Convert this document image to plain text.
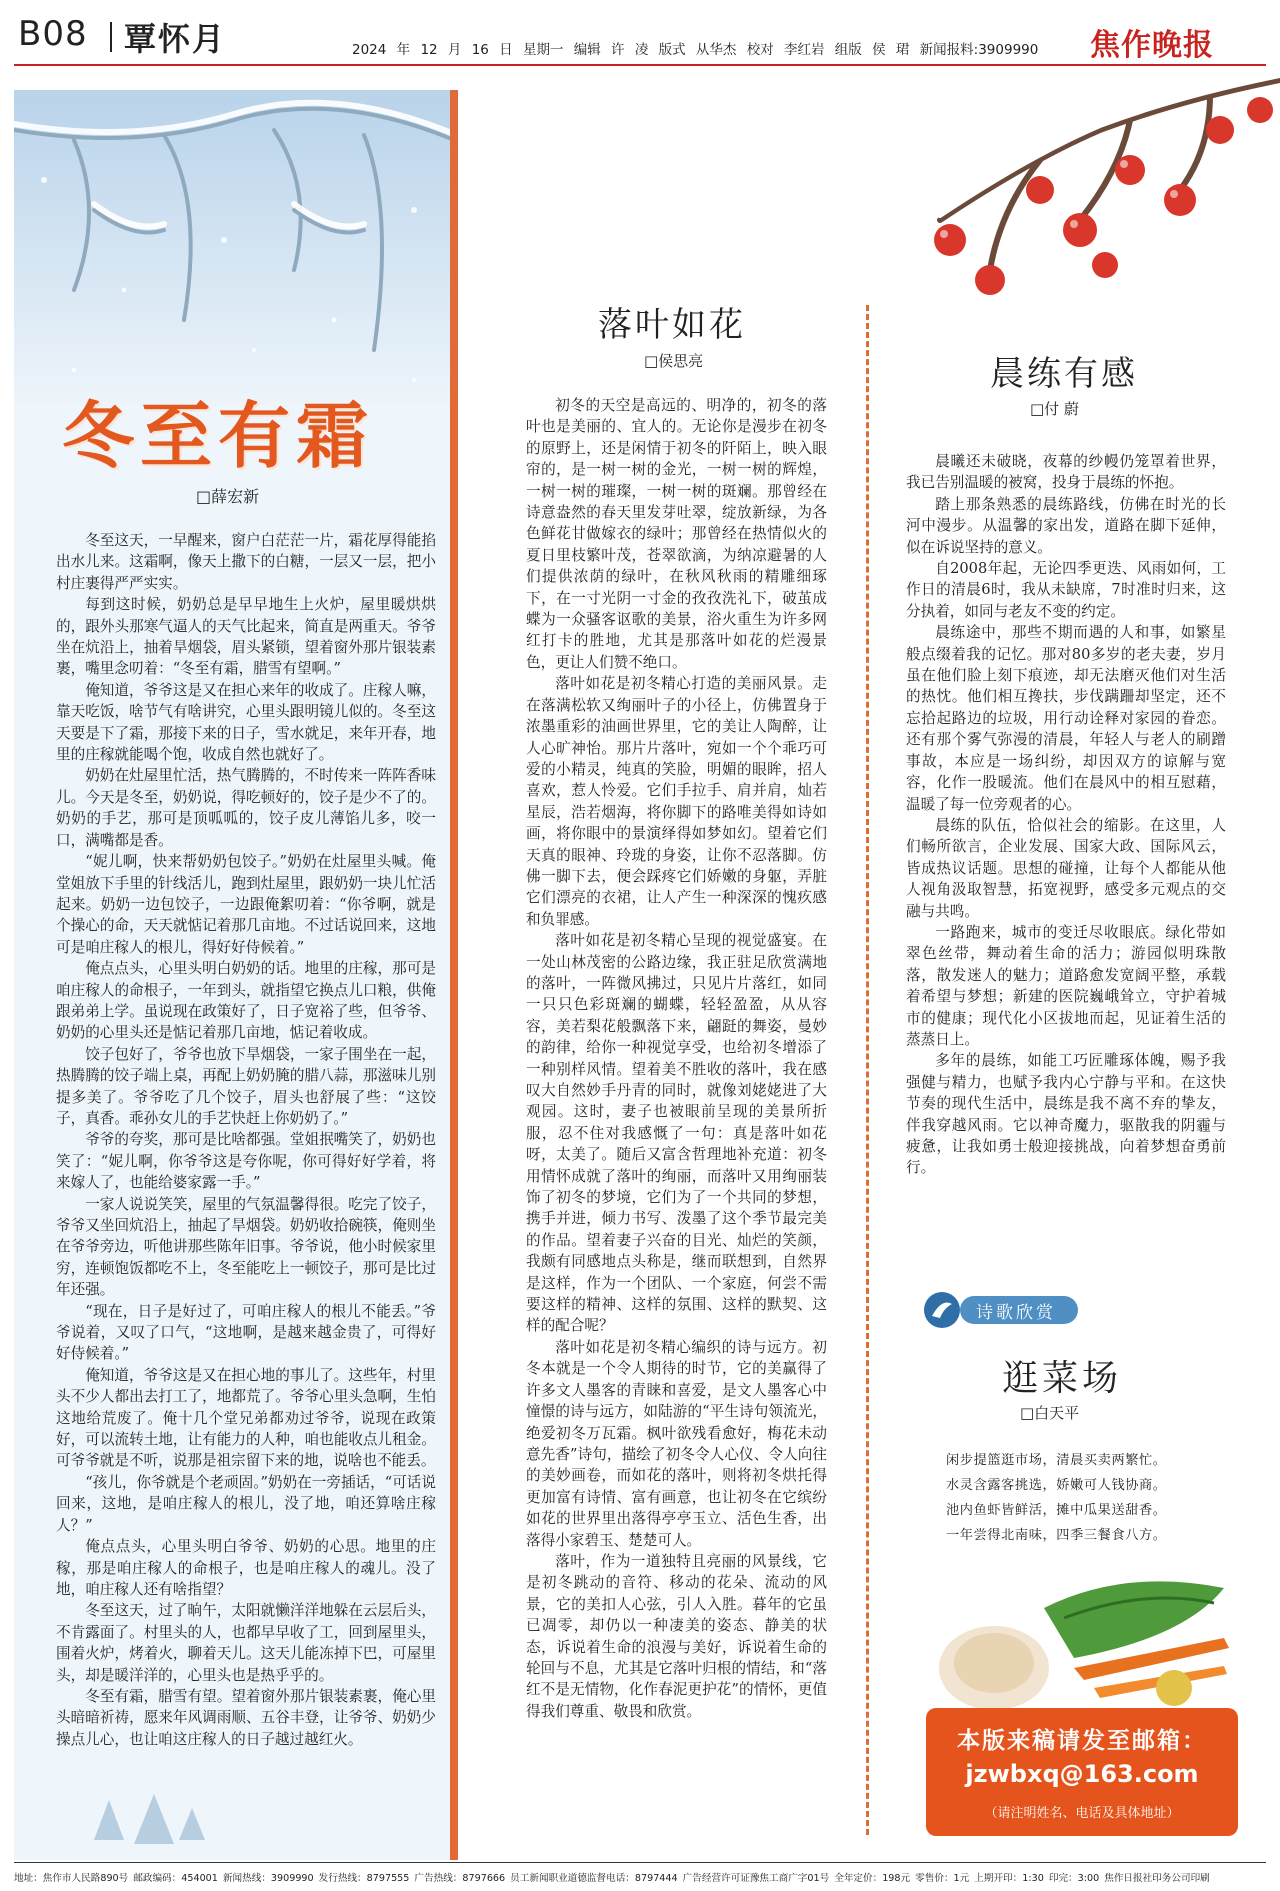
B08 覃怀月	2024 年 12 月 16 日 星期一 编辑 许 凌 版式 从华杰 校对 李红岩 组版 侯 珺 新闻报料:3909990 焦作晚报
冬至有霜
□薛宏新

冬至这天，一早醒来，窗户白茫茫一片，霜花厚得能掐出水儿来。这霜啊，像天上撒下的白糖，一层又一层，把小村庄裹得严严实实。

每到这时候，奶奶总是早早地生上火炉，屋里暖烘烘的，跟外头那寒气逼人的天气比起来，简直是两重天。爷爷坐在炕沿上，抽着旱烟袋，眉头紧锁，望着窗外那片银装素裹，嘴里念叨着：“冬至有霜，腊雪有望啊。”

俺知道，爷爷这是又在担心来年的收成了。庄稼人嘛，靠天吃饭，啥节气有啥讲究，心里头跟明镜儿似的。冬至这天要是下了霜，那接下来的日子，雪水就足，来年开春，地里的庄稼就能喝个饱，收成自然也就好了。

奶奶在灶屋里忙活，热气腾腾的，不时传来一阵阵香味儿。今天是冬至，奶奶说，得吃顿好的，饺子是少不了的。奶奶的手艺，那可是顶呱呱的，饺子皮儿薄馅儿多，咬一口，满嘴都是香。

“妮儿啊，快来帮奶奶包饺子。”奶奶在灶屋里头喊。俺堂姐放下手里的针线活儿，跑到灶屋里，跟奶奶一块儿忙活起来。奶奶一边包饺子，一边跟俺絮叨着：“你爷啊，就是个操心的命，天天就惦记着那几亩地。不过话说回来，这地可是咱庄稼人的根儿，得好好侍候着。”

俺点点头，心里头明白奶奶的话。地里的庄稼，那可是咱庄稼人的命根子，一年到头，就指望它换点儿口粮，供俺跟弟弟上学。虽说现在政策好了，日子宽裕了些，但爷爷、奶奶的心里头还是惦记着那几亩地，惦记着收成。

饺子包好了，爷爷也放下旱烟袋，一家子围坐在一起，热腾腾的饺子端上桌，再配上奶奶腌的腊八蒜，那滋味儿别提多美了。爷爷吃了几个饺子，眉头也舒展了些：“这饺子，真香。乖孙女儿的手艺快赶上你奶奶了。”

爷爷的夸奖，那可是比啥都强。堂姐抿嘴笑了，奶奶也笑了：“妮儿啊，你爷爷这是夸你呢，你可得好好学着，将来嫁人了，也能给婆家露一手。”

一家人说说笑笑，屋里的气氛温馨得很。吃完了饺子，爷爷又坐回炕沿上，抽起了旱烟袋。奶奶收拾碗筷，俺则坐在爷爷旁边，听他讲那些陈年旧事。爷爷说，他小时候家里穷，连顿饱饭都吃不上，冬至能吃上一顿饺子，那可是比过年还强。

“现在，日子是好过了，可咱庄稼人的根儿不能丢。”爷爷说着，又叹了口气，“这地啊，是越来越金贵了，可得好好侍候着。”

俺知道，爷爷这是又在担心地的事儿了。这些年，村里头不少人都出去打工了，地都荒了。爷爷心里头急啊，生怕这地给荒废了。俺十几个堂兄弟都劝过爷爷，说现在政策好，可以流转土地，让有能力的人种，咱也能收点儿租金。可爷爷就是不听，说那是祖宗留下来的地，说啥也不能丢。

“孩儿，你爷就是个老顽固。”奶奶在一旁插话，“可话说回来，这地，是咱庄稼人的根儿，没了地，咱还算啥庄稼人？”

俺点点头，心里头明白爷爷、奶奶的心思。地里的庄稼，那是咱庄稼人的命根子，也是咱庄稼人的魂儿。没了地，咱庄稼人还有啥指望？

冬至这天，过了晌午，太阳就懒洋洋地躲在云层后头，不肯露面了。村里头的人，也都早早收了工，回到屋里头，围着火炉，烤着火，聊着天儿。这天儿能冻掉下巴，可屋里头，却是暖洋洋的，心里头也是热乎乎的。

冬至有霜，腊雪有望。望着窗外那片银装素裹，俺心里头暗暗祈祷，愿来年风调雨顺、五谷丰登，让爷爷、奶奶少操点儿心，也让咱这庄稼人的日子越过越红火。

落叶如花
□侯思亮

初冬的天空是高远的、明净的，初冬的落叶也是美丽的、宜人的。无论你是漫步在初冬的原野上，还是闲情于初冬的阡陌上，映入眼帘的，是一树一树的金光，一树一树的辉煌，一树一树的璀璨，一树一树的斑斓。那曾经在诗意盎然的春天里发芽吐翠，绽放新绿，为各色鲜花甘做嫁衣的绿叶；那曾经在热情似火的夏日里枝繁叶茂，苍翠欲滴，为纳凉避暑的人们提供浓荫的绿叶，在秋风秋雨的精雕细琢下，在一寸光阴一寸金的孜孜洗礼下，破茧成蝶为一众骚客讴歌的美景，浴火重生为许多网红打卡的胜地，尤其是那落叶如花的烂漫景色，更让人们赞不绝口。

落叶如花是初冬精心打造的美丽风景。走在落满松软又绚丽叶子的小径上，仿佛置身于浓墨重彩的油画世界里，它的美让人陶醉，让人心旷神怡。那片片落叶，宛如一个个乖巧可爱的小精灵，纯真的笑脸，明媚的眼眸，招人喜欢，惹人怜爱。它们手拉手、肩并肩，灿若星辰，浩若烟海，将你脚下的路唯美得如诗如画，将你眼中的景演绎得如梦如幻。望着它们天真的眼神、玲珑的身姿，让你不忍落脚。仿佛一脚下去，便会踩疼它们娇嫩的身躯，弄脏它们漂亮的衣裙，让人产生一种深深的愧疚感和负罪感。

落叶如花是初冬精心呈现的视觉盛宴。在一处山林茂密的公路边缘，我正驻足欣赏满地的落叶，一阵微风拂过，只见片片落红，如同一只只色彩斑斓的蝴蝶，轻轻盈盈，从从容容，美若梨花般飘落下来，翩跹的舞姿，曼妙的韵律，给你一种视觉享受，也给初冬增添了一种别样风情。望着美不胜收的落叶，我在感叹大自然妙手丹青的同时，就像刘姥姥进了大观园。这时，妻子也被眼前呈现的美景所折服，忍不住对我感慨了一句：真是落叶如花呀，太美了。随后又富含哲理地补充道：初冬用情怀成就了落叶的绚丽，而落叶又用绚丽装饰了初冬的梦境，它们为了一个共同的梦想，携手并进，倾力书写、泼墨了这个季节最完美的作品。望着妻子兴奋的目光、灿烂的笑颜，我颇有同感地点头称是，继而联想到，自然界是这样，作为一个团队、一个家庭，何尝不需要这样的精神、这样的氛围、这样的默契、这样的配合呢？

落叶如花是初冬精心编织的诗与远方。初冬本就是一个令人期待的时节，它的美赢得了许多文人墨客的青睐和喜爱，是文人墨客心中憧憬的诗与远方，如陆游的“平生诗句领流光，绝爱初冬万瓦霜。枫叶欲残看愈好，梅花未动意先香”诗句，描绘了初冬令人心仪、令人向往的美妙画卷，而如花的落叶，则将初冬烘托得更加富有诗情、富有画意，也让初冬在它缤纷如花的世界里出落得亭亭玉立、活色生香，出落得小家碧玉、楚楚可人。

落叶，作为一道独特且亮丽的风景线，它是初冬跳动的音符、移动的花朵、流动的风景，它的美扣人心弦，引人入胜。暮年的它虽已凋零，却仍以一种凄美的姿态、静美的状态，诉说着生命的浪漫与美好，诉说着生命的轮回与不息，尤其是它落叶归根的情结，和“落红不是无情物，化作春泥更护花”的情怀，更值得我们尊重、敬畏和欣赏。

晨练有感
□付 蔚

晨曦还未破晓，夜幕的纱幔仍笼罩着世界，我已告别温暖的被窝，投身于晨练的怀抱。

踏上那条熟悉的晨练路线，仿佛在时光的长河中漫步。从温馨的家出发，道路在脚下延伸，似在诉说坚持的意义。

自2008年起，无论四季更迭、风雨如何，工作日的清晨6时，我从未缺席，7时准时归来，这分执着，如同与老友不变的约定。

晨练途中，那些不期而遇的人和事，如繁星般点缀着我的记忆。那对80多岁的老夫妻，岁月虽在他们脸上刻下痕迹，却无法磨灭他们对生活的热忱。他们相互搀扶，步伐蹒跚却坚定，还不忘拾起路边的垃圾，用行动诠释对家园的眷恋。还有那个雾气弥漫的清晨，年轻人与老人的刷蹭事故，本应是一场纠纷，却因双方的谅解与宽容，化作一股暖流。他们在晨风中的相互慰藉，温暖了每一位旁观者的心。

晨练的队伍，恰似社会的缩影。在这里，人们畅所欲言，企业发展、国家大政、国际风云，皆成热议话题。思想的碰撞，让每个人都能从他人视角汲取智慧，拓宽视野，感受多元观点的交融与共鸣。

一路跑来，城市的变迁尽收眼底。绿化带如翠色丝带，舞动着生命的活力；游园似明珠散落，散发迷人的魅力；道路愈发宽阔平整，承载着希望与梦想；新建的医院巍峨耸立，守护着城市的健康；现代化小区拔地而起，见证着生活的蒸蒸日上。

多年的晨练，如能工巧匠雕琢体魄，赐予我强健与精力，也赋予我内心宁静与平和。在这快节奏的现代生活中，晨练是我不离不弃的挚友，伴我穿越风雨。它以神奇魔力，驱散我的阴霾与疲惫，让我如勇士般迎接挑战，向着梦想奋勇前行。

诗歌欣赏
逛菜场
□白天平
闲步提篮逛市场，清晨买卖两繁忙。
水灵含露客挑选，娇嫩可人钱协商。
池内鱼虾皆鲜活，摊中瓜果送甜香。
一年尝得北南味，四季三餐食八方。
本版来稿请发至邮箱：
jzwbxq@163.com
（请注明姓名、电话及具体地址）
地址：焦作市人民路890号 邮政编码：454001 新闻热线：3909990 发行热线：8797555 广告热线：8797666 员工新闻职业道德监督电话：8797444 广告经营许可证豫焦工商广字01号 全年定价：198元 零售价：1元 上期开印：1:30 印完：3:00 焦作日报社印务公司印刷
